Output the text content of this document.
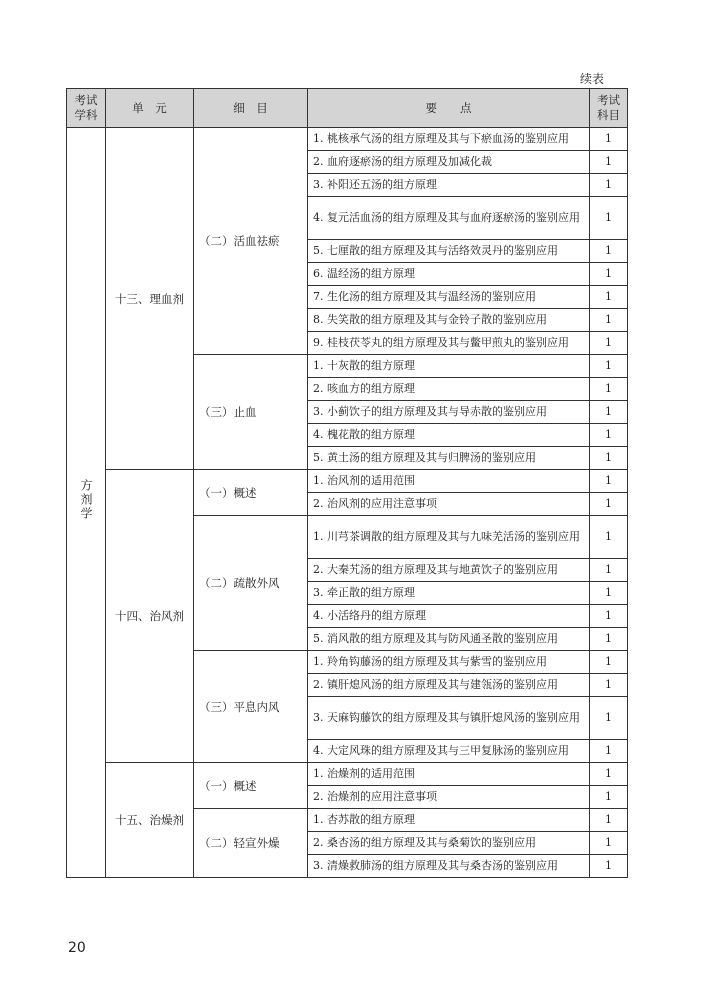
续表
考试学科	单　元	细　目	要　　点	考试科目
方剂学	十三、理血剂	（二）活血祛瘀	1. 桃核承气汤的组方原理及其与下瘀血汤的鉴别应用	1
			2. 血府逐瘀汤的组方原理及加减化裁	1
			3. 补阳还五汤的组方原理	1
			4. 复元活血汤的组方原理及其与血府逐瘀汤的鉴别应用	1
			5. 七厘散的组方原理及其与活络效灵丹的鉴别应用	1
			6. 温经汤的组方原理	1
			7. 生化汤的组方原理及其与温经汤的鉴别应用	1
			8. 失笑散的组方原理及其与金铃子散的鉴别应用	1
			9. 桂枝茯苓丸的组方原理及其与鳖甲煎丸的鉴别应用	1
		（三）止血	1. 十灰散的组方原理	1
			2. 咳血方的组方原理	1
			3. 小蓟饮子的组方原理及其与导赤散的鉴别应用	1
			4. 槐花散的组方原理	1
			5. 黄土汤的组方原理及其与归脾汤的鉴别应用	1
	十四、治风剂	（一）概述	1. 治风剂的适用范围	1
			2. 治风剂的应用注意事项	1
		（二）疏散外风	1. 川芎茶调散的组方原理及其与九味羌活汤的鉴别应用	1
			2. 大秦艽汤的组方原理及其与地黄饮子的鉴别应用	1
			3. 牵正散的组方原理	1
			4. 小活络丹的组方原理	1
			5. 消风散的组方原理及其与防风通圣散的鉴别应用	1
		（三）平息内风	1. 羚角钩藤汤的组方原理及其与紫雪的鉴别应用	1
			2. 镇肝熄风汤的组方原理及其与建瓴汤的鉴别应用	1
			3. 天麻钩藤饮的组方原理及其与镇肝熄风汤的鉴别应用	1
			4. 大定风珠的组方原理及其与三甲复脉汤的鉴别应用	1
	十五、治燥剂	（一）概述	1. 治燥剂的适用范围	1
			2. 治燥剂的应用注意事项	1
		（二）轻宣外燥	1. 杏苏散的组方原理	1
			2. 桑杏汤的组方原理及其与桑菊饮的鉴别应用	1
			3. 清燥救肺汤的组方原理及其与桑杏汤的鉴别应用	1
20
